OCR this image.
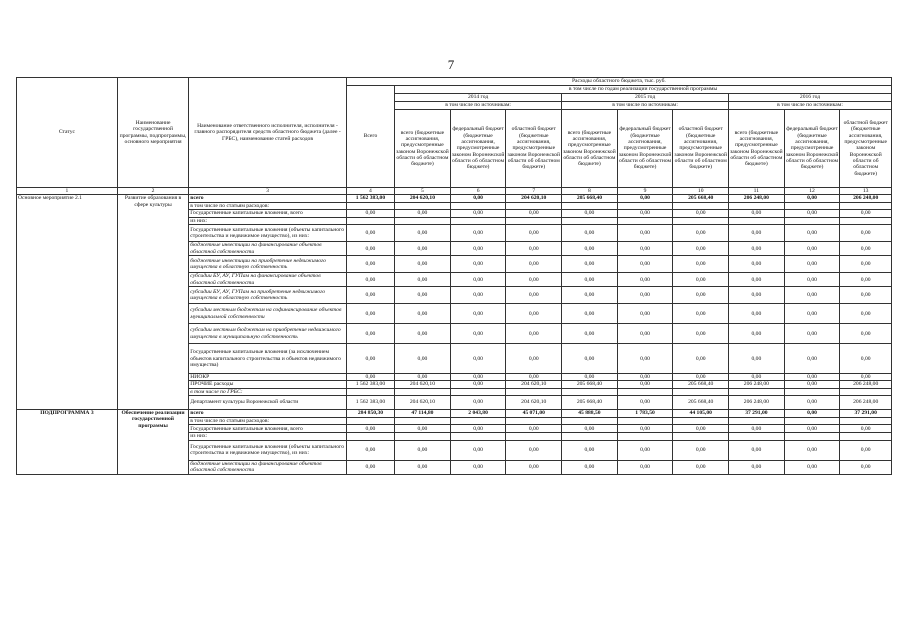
7
Статус	Наименование государственной программы, подпрограммы, основного мероприятия	Наименование ответственного исполнителя, исполнителя - главного распорядителя средств областного бюджета (далее - ГРБС), наименование статей расходов	Расходы областного бюджета, тыс. руб.									
			Всего	в том числе по годам реализации государственной программы								
				2014 год			2015 год			2016 год		
				в том числе по источникам:			в том числе по источникам:			в том числе по источникам:		
				всего (бюджетные ассигнования, предусмотренные законом Воронежской области об областном бюджете)	федеральный бюджет (бюджетные ассигнования, предусмотренные законом Воронежской области об областном бюджете)	областной бюджет (бюджетные ассигнования, предусмотренные законом Воронежской области об областном бюджете)	всего (бюджетные ассигнования, предусмотренные законом Воронежской области об областном бюджете)	федеральный бюджет (бюджетные ассигнования, предусмотренные законом Воронежской области об областном бюджете)	областной бюджет (бюджетные ассигнования, предусмотренные законом Воронежской области об областном бюджете)	всего (бюджетные ассигнования, предусмотренные законом Воронежской области об областном бюджете)	федеральный бюджет (бюджетные ассигнования, предусмотренные законом Воронежской области об областном бюджете)	областной бюджет (бюджетные ассигнования, предусмотренные законом Воронежской области об областном бюджете)
1	2	3	4	5	6	7	8	9	10	11	12	13
Основное мероприятие 2.1	Развитие образования в сфере культуры	всего	1 562 383,00	204 620,10	0,00	204 620,10	205 668,40	0,00	205 668,40	206 248,00	0,00	206 248,00
		в том числе по статьям расходов:										
		Государственные капитальные вложения, всего	0,00	0,00	0,00	0,00	0,00	0,00	0,00	0,00	0,00	0,00
		из них:										
		Государственные капитальные вложения (объекты капитального строительства и недвижимое имущество), из них:	0,00	0,00	0,00	0,00	0,00	0,00	0,00	0,00	0,00	0,00
		бюджетные инвестиции на финансирование объектов областной собственности	0,00	0,00	0,00	0,00	0,00	0,00	0,00	0,00	0,00	0,00
		бюджетные инвестиции на приобретение недвижимого имущества в областную собственность	0,00	0,00	0,00	0,00	0,00	0,00	0,00	0,00	0,00	0,00
		субсидии БУ, АУ, ГУПам на финансирование объектов областной собственности	0,00	0,00	0,00	0,00	0,00	0,00	0,00	0,00	0,00	0,00
		субсидии БУ, АУ, ГУПам на приобретение недвижимого имущества в областную собственность	0,00	0,00	0,00	0,00	0,00	0,00	0,00	0,00	0,00	0,00
		субсидии местным бюджетам на софинансирование объектов муниципальной собственности	0,00	0,00	0,00	0,00	0,00	0,00	0,00	0,00	0,00	0,00
		субсидии местным бюджетам на приобретение недвижимого имущества в муниципальную собственность	0,00	0,00	0,00	0,00	0,00	0,00	0,00	0,00	0,00	0,00
		Государственные капитальные вложения (за исключением объектов капитального строительства и объектов недвижимого имущества)	0,00	0,00	0,00	0,00	0,00	0,00	0,00	0,00	0,00	0,00
		НИОКР	0,00	0,00	0,00	0,00	0,00	0,00	0,00	0,00	0,00	0,00
		ПРОЧИЕ расходы	1 562 383,00	204 620,10	0,00	204 620,10	205 668,40	0,00	205 668,40	206 248,00	0,00	206 248,00
		в том числе по ГРБС:										
		Департамент культуры Воронежской области	1 562 383,00	204 620,10	0,00	204 620,10	205 668,40	0,00	205 668,40	206 248,00	0,00	206 248,00
ПОДПРОГРАММА 3	Обеспечение реализации государственной программы	всего	284 850,30	47 114,80	2 043,80	45 071,00	45 888,50	1 783,50	44 105,00	37 291,00	0,00	37 291,00
		в том числе по статьям расходов:										
		Государственные капитальные вложения, всего	0,00	0,00	0,00	0,00	0,00	0,00	0,00	0,00	0,00	0,00
		из них:										
		Государственные капитальные вложения (объекты капитального строительства и недвижимое имущество), из них:	0,00	0,00	0,00	0,00	0,00	0,00	0,00	0,00	0,00	0,00
		бюджетные инвестиции на финансирование объектов областной собственности	0,00	0,00	0,00	0,00	0,00	0,00	0,00	0,00	0,00	0,00
